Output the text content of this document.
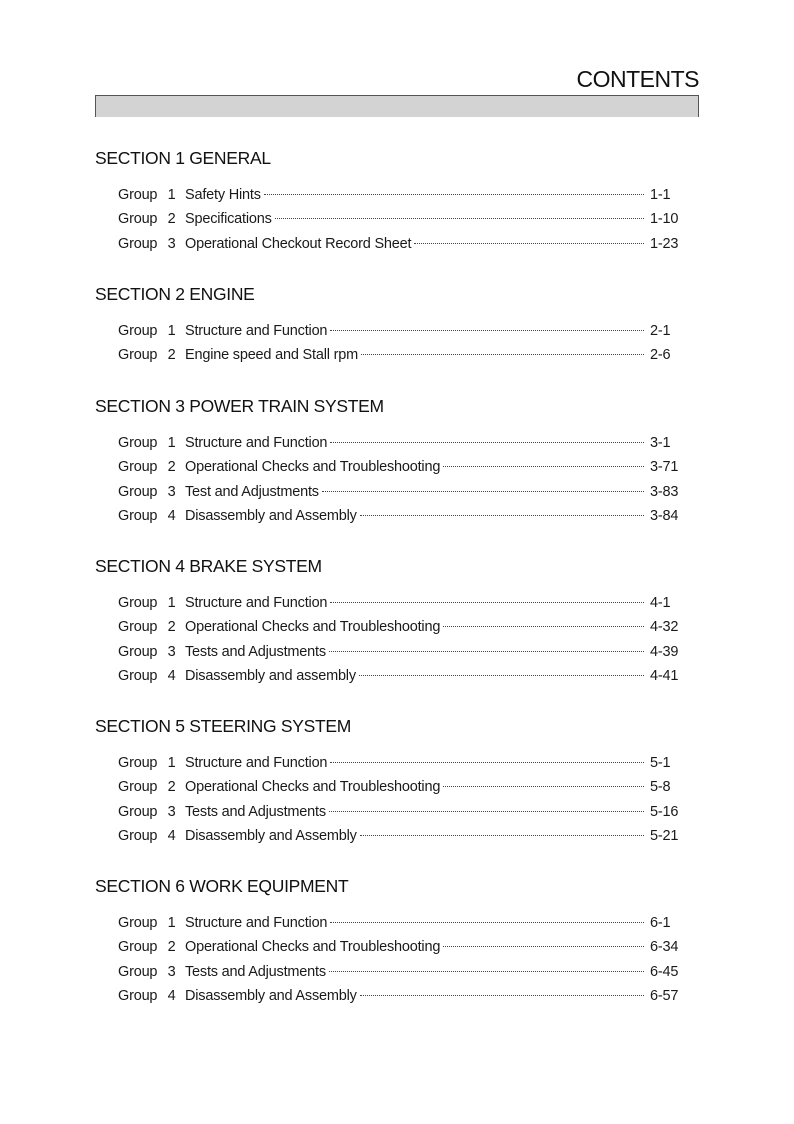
CONTENTS
SECTION 1 GENERAL
Group 1 Safety Hints	1-1
Group 2 Specifications	1-10
Group 3 Operational Checkout Record Sheet	1-23
SECTION 2 ENGINE
Group 1 Structure and Function	2-1
Group 2 Engine speed and Stall rpm	2-6
SECTION 3 POWER TRAIN SYSTEM
Group 1 Structure and Function	3-1
Group 2 Operational Checks and Troubleshooting	3-71
Group 3 Test and Adjustments	3-83
Group 4 Disassembly and Assembly	3-84
SECTION 4 BRAKE SYSTEM
Group 1 Structure and Function	4-1
Group 2 Operational Checks and Troubleshooting	4-32
Group 3 Tests and Adjustments	4-39
Group 4 Disassembly and assembly	4-41
SECTION 5 STEERING SYSTEM
Group 1 Structure and Function	5-1
Group 2 Operational Checks and Troubleshooting	5-8
Group 3 Tests and Adjustments	5-16
Group 4 Disassembly and Assembly	5-21
SECTION 6 WORK EQUIPMENT
Group 1 Structure and Function	6-1
Group 2 Operational Checks and Troubleshooting	6-34
Group 3 Tests and Adjustments	6-45
Group 4 Disassembly and Assembly	6-57
